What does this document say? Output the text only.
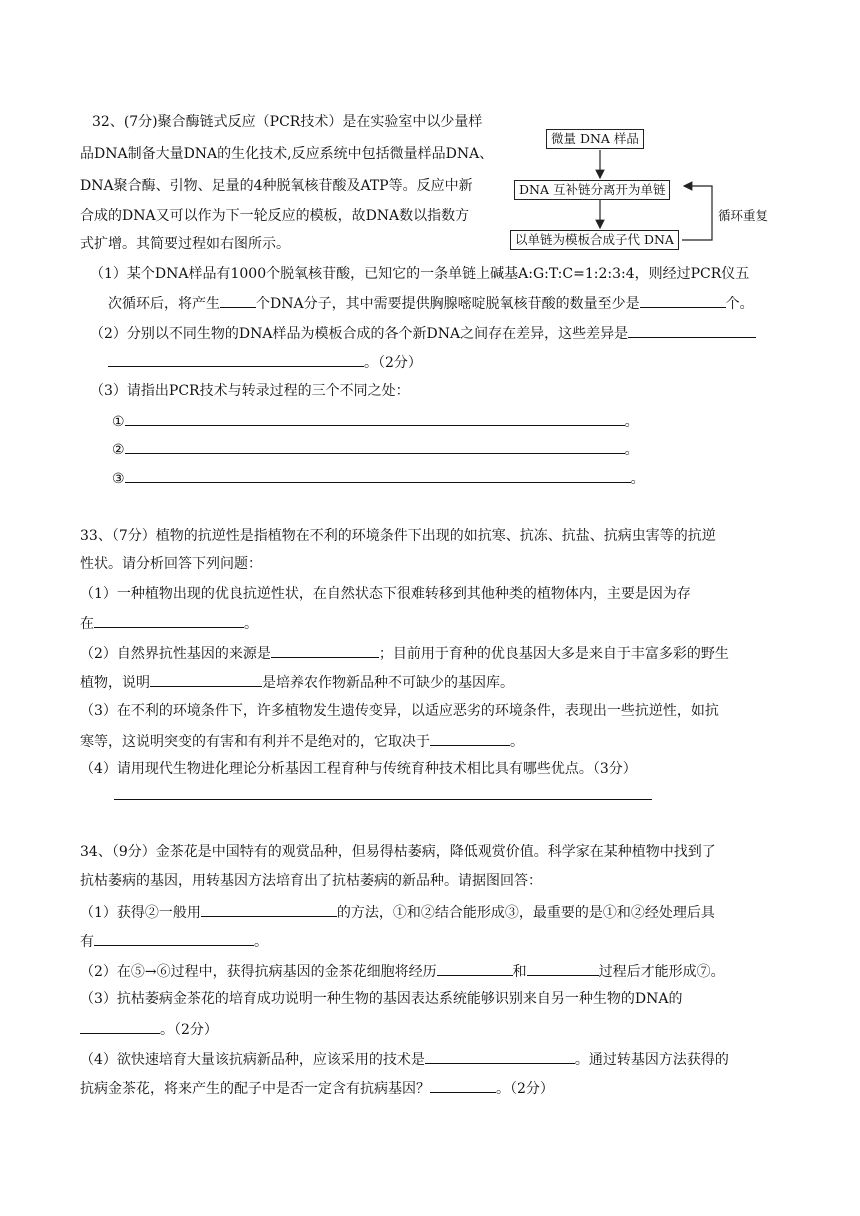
32、(7分)聚合酶链式反应（PCR技术）是在实验室中以少量样
品DNA制备大量DNA的生化技术,反应系统中包括微量样品DNA、
DNA聚合酶、引物、足量的4种脱氧核苷酸及ATP等。反应中新
合成的DNA又可以作为下一轮反应的模板，故DNA数以指数方
式扩增。其简要过程如右图所示。
微量 DNA 样品
DNA 互补链分离开为单链
以单链为模板合成子代 DNA
循环重复
（1）某个DNA样品有1000个脱氧核苷酸，已知它的一条单链上碱基A:G:T:C=1:2:3:4，则经过PCR仪五
次循环后，将产生	个DNA分子，其中需要提供胸腺嘧啶脱氧核苷酸的数量至少是	个。
（2）分别以不同生物的DNA样品为模板合成的各个新DNA之间存在差异，这些差异是
。（2分）
（3）请指出PCR技术与转录过程的三个不同之处：
①	。
②	。
③	。
33、（7分）植物的抗逆性是指植物在不利的环境条件下出现的如抗寒、抗冻、抗盐、抗病虫害等的抗逆
性状。请分析回答下列问题：
（1）一种植物出现的优良抗逆性状，在自然状态下很难转移到其他种类的植物体内，主要是因为存
在	。
（2）自然界抗性基因的来源是	；目前用于育种的优良基因大多是来自于丰富多彩的野生
植物，说明	是培养农作物新品种不可缺少的基因库。
（3）在不利的环境条件下，许多植物发生遗传变异，以适应恶劣的环境条件，表现出一些抗逆性，如抗
寒等，这说明突变的有害和有利并不是绝对的，它取决于	。
（4）请用现代生物进化理论分析基因工程育种与传统育种技术相比具有哪些优点。（3分）
34、（9分）金茶花是中国特有的观赏品种，但易得枯萎病，降低观赏价值。科学家在某种植物中找到了
抗枯萎病的基因，用转基因方法培育出了抗枯萎病的新品种。请据图回答：
（1）获得②一般用	的方法，①和②结合能形成③，最重要的是①和②经处理后具
有	。
（2）在⑤→⑥过程中，获得抗病基因的金茶花细胞将经历	和	过程后才能形成⑦。
（3）抗枯萎病金茶花的培育成功说明一种生物的基因表达系统能够识别来自另一种生物的DNA的
。（2分）
（4）欲快速培育大量该抗病新品种，应该采用的技术是	。通过转基因方法获得的
抗病金茶花，将来产生的配子中是否一定含有抗病基因？	。（2分）
